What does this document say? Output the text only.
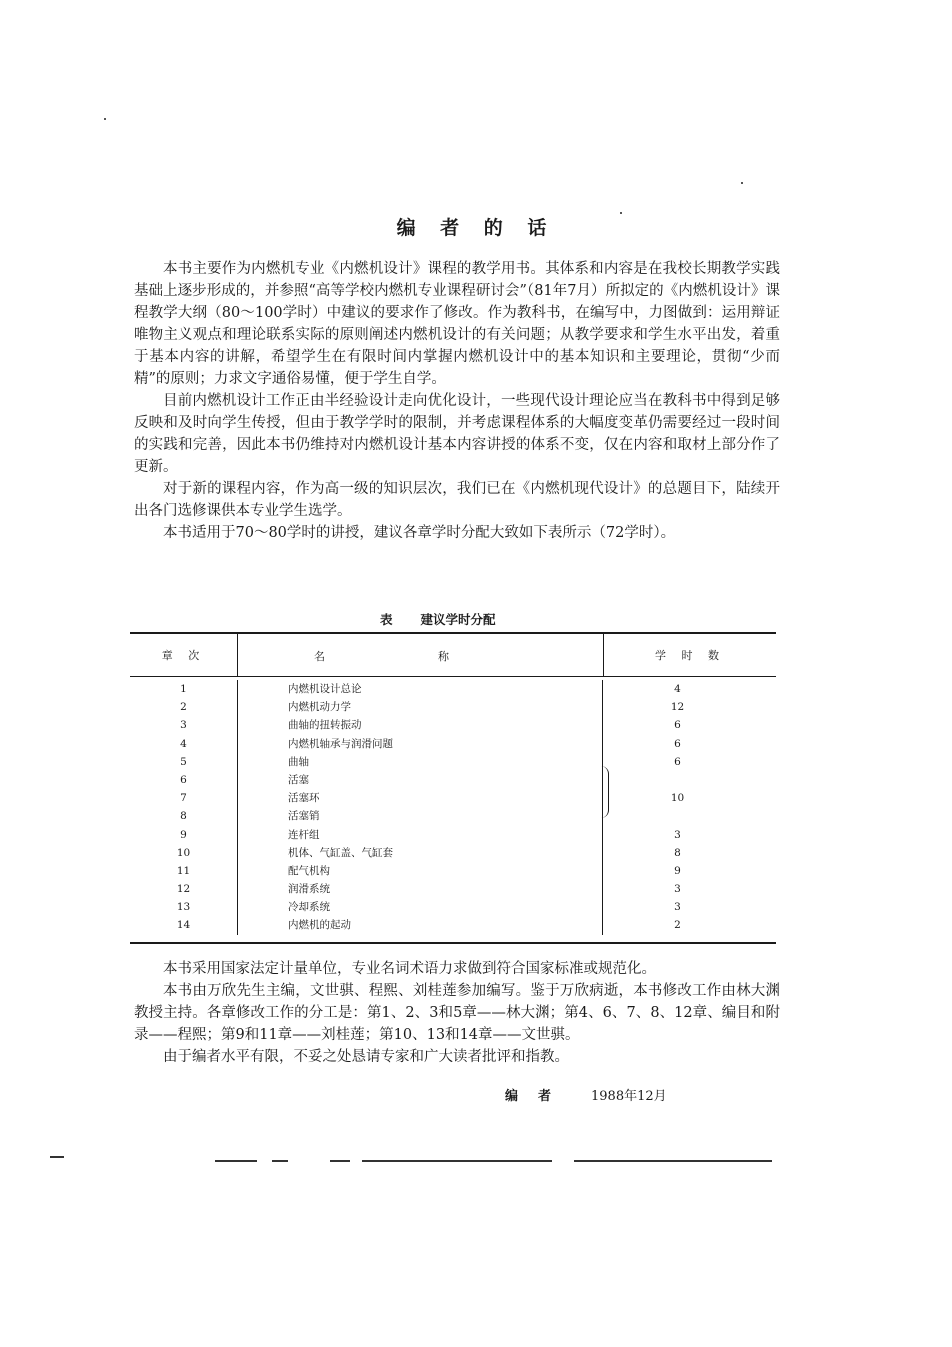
编 者 的 话

本书主要作为内燃机专业《内燃机设计》课程的教学用书。其体系和内容是在我校长期教学实践基础上逐步形成的，并参照“高等学校内燃机专业课程研讨会”（81年7月）所拟定的《内燃机设计》课程教学大纲（80～100学时）中建议的要求作了修改。作为教科书，在编写中，力图做到：运用辩证唯物主义观点和理论联系实际的原则阐述内燃机设计的有关问题；从教学要求和学生水平出发，着重于基本内容的讲解，希望学生在有限时间内掌握内燃机设计中的基本知识和主要理论，贯彻“少而精”的原则；力求文字通俗易懂，便于学生自学。

目前内燃机设计工作正由半经验设计走向优化设计，一些现代设计理论应当在教科书中得到足够反映和及时向学生传授，但由于教学学时的限制，并考虑课程体系的大幅度变革仍需要经过一段时间的实践和完善，因此本书仍维持对内燃机设计基本内容讲授的体系不变，仅在内容和取材上部分作了更新。

对于新的课程内容，作为高一级的知识层次，我们已在《内燃机现代设计》的总题目下，陆续开出各门选修课供本专业学生选学。

本书适用于70～80学时的讲授，建议各章学时分配大致如下表所示（72学时）。

表 建议学时分配
章 次	名	称	学 时 数
1	内燃机设计总论	4
2	内燃机动力学	12
3	曲轴的扭转振动	6
4	内燃机轴承与润滑问题	6
5	曲轴	6
6	活塞
7	活塞环	10
8	活塞销
9	连杆组	3
10	机体、气缸盖、气缸套	8
11	配气机构	9
12	润滑系统	3
13	冷却系统	3
14	内燃机的起动	2

本书采用国家法定计量单位，专业名词术语力求做到符合国家标准或规范化。

本书由万欣先生主编，文世骐、程熙、刘桂莲参加编写。鉴于万欣病逝，本书修改工作由林大渊教授主持。各章修改工作的分工是：第1、2、3和5章——林大渊；第4、6、7、8、12章、编目和附录——程熙；第9和11章——刘桂莲；第10、13和14章——文世骐。

由于编者水平有限，不妥之处恳请专家和广大读者批评和指教。

编者 1988年12月
